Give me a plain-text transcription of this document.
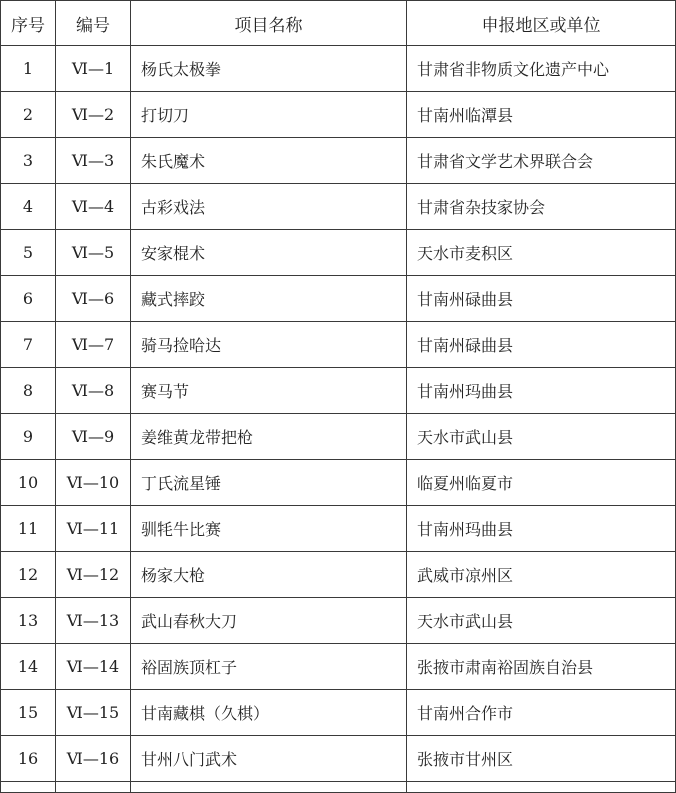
序号	编号	项目名称	申报地区或单位
1	Ⅵ—1	杨氏太极拳	甘肃省非物质文化遗产中心
2	Ⅵ—2	打切刀	甘南州临潭县
3	Ⅵ—3	朱氏魔术	甘肃省文学艺术界联合会
4	Ⅵ—4	古彩戏法	甘肃省杂技家协会
5	Ⅵ—5	安家棍术	天水市麦积区
6	Ⅵ—6	藏式摔跤	甘南州碌曲县
7	Ⅵ—7	骑马捡哈达	甘南州碌曲县
8	Ⅵ—8	赛马节	甘南州玛曲县
9	Ⅵ—9	姜维黄龙带把枪	天水市武山县
10	Ⅵ—10	丁氏流星锤	临夏州临夏市
11	Ⅵ—11	驯牦牛比赛	甘南州玛曲县
12	Ⅵ—12	杨家大枪	武威市凉州区
13	Ⅵ—13	武山春秋大刀	天水市武山县
14	Ⅵ—14	裕固族顶杠子	张掖市肃南裕固族自治县
15	Ⅵ—15	甘南藏棋（久棋）	甘南州合作市
16	Ⅵ—16	甘州八门武术	张掖市甘州区
